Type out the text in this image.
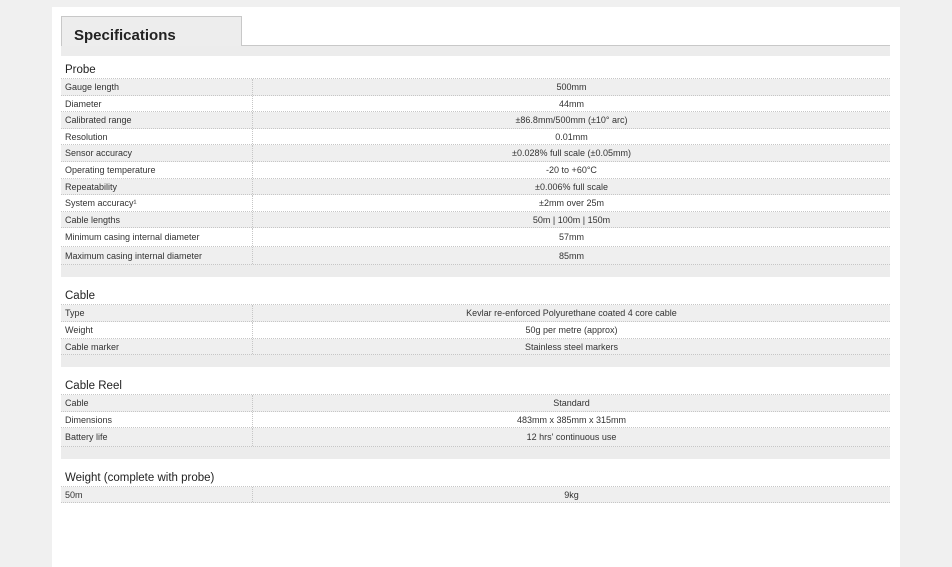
Specifications
Probe
Gauge length	500mm
Diameter	44mm
Calibrated range	±86.8mm/500mm (±10° arc)
Resolution	0.01mm
Sensor accuracy	±0.028% full scale (±0.05mm)
Operating temperature	-20 to +60°C
Repeatability	±0.006% full scale
System accuracy¹	±2mm over 25m
Cable lengths	50m | 100m | 150m
Minimum casing internal diameter	57mm
Maximum casing internal diameter	85mm
Cable
Type	Kevlar re-enforced Polyurethane coated 4 core cable
Weight	50g per metre (approx)
Cable marker	Stainless steel markers
Cable Reel
Cable	Standard
Dimensions	483mm x 385mm x 315mm
Battery life	12 hrs' continuous use
Weight (complete with probe)
50m	9kg
